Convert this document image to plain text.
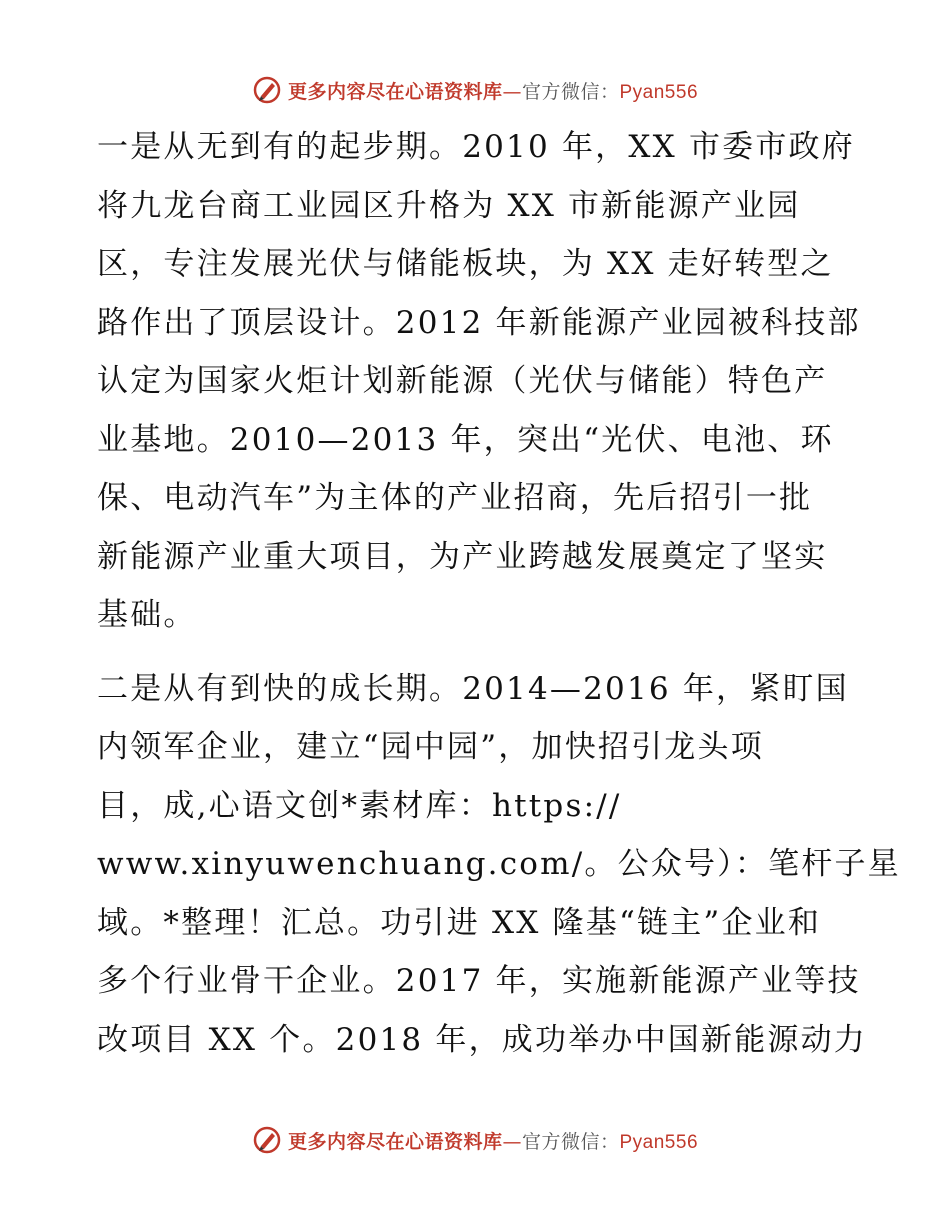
更多内容尽在心语资料库—官方微信：Pyan556

一是从无到有的起步期。2010 年，XX 市委市政府
将九龙台商工业园区升格为 XX 市新能源产业园
区，专注发展光伏与储能板块，为 XX 走好转型之
路作出了顶层设计。2012 年新能源产业园被科技部
认定为国家火炬计划新能源（光伏与储能）特色产
业基地。2010—2013 年，突出“光伏、电池、环
保、电动汽车”为主体的产业招商，先后招引一批
新能源产业重大项目，为产业跨越发展奠定了坚实
基础。

二是从有到快的成长期。2014—2016 年，紧盯国
内领军企业，建立“园中园”，加快招引龙头项
目，成,心语文创*素材库：https://
www.xinyuwenchuang.com/。公众号）：笔杆子星
域。*整理！汇总。功引进 XX 隆基“链主”企业和
多个行业骨干企业。2017 年，实施新能源产业等技
改项目 XX 个。2018 年，成功举办中国新能源动力

更多内容尽在心语资料库—官方微信：Pyan556
